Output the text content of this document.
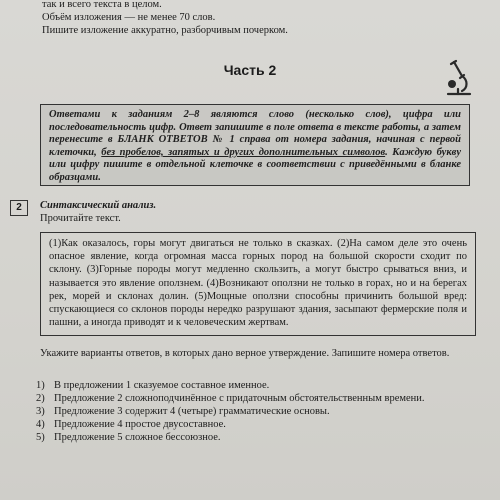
так и всего текста в целом.
Объём изложения — не менее 70 слов.
Пишите изложение аккуратно, разборчивым почерком.
Часть 2
Ответами к заданиям 2–8 являются слово (несколько слов), цифра или последовательность цифр. Ответ запишите в поле ответа в тексте работы, а затем перенесите в БЛАНК ОТВЕТОВ № 1 справа от номера задания, начиная с первой клеточки, без пробелов, запятых и других дополнительных символов. Каждую букву или цифру пишите в отдельной клеточке в соответствии с приведёнными в бланке образцами.
2	Синтаксический анализ.
Прочитайте текст.
(1)Как оказалось, горы могут двигаться не только в сказках. (2)На самом деле это очень опасное явление, когда огромная масса горных пород на большой скорости сходит по склону. (3)Горные породы могут медленно скользить, а могут быстро срываться вниз, и называется это явление оползнем. (4)Возникают оползни не только в горах, но и на берегах рек, морей и склонах долин. (5)Мощные оползни способны причинить большой вред: спускающиеся со склонов породы нередко разрушают здания, засыпают фермерские поля и пашни, а иногда приводят и к человеческим жертвам.
Укажите варианты ответов, в которых дано верное утверждение. Запишите номера ответов.
1) В предложении 1 сказуемое составное именное.
2) Предложение 2 сложноподчинённое с придаточным обстоятельственным времени.
3) Предложение 3 содержит 4 (четыре) грамматические основы.
4) Предложение 4 простое двусоставное.
5) Предложение 5 сложное бессоюзное.
